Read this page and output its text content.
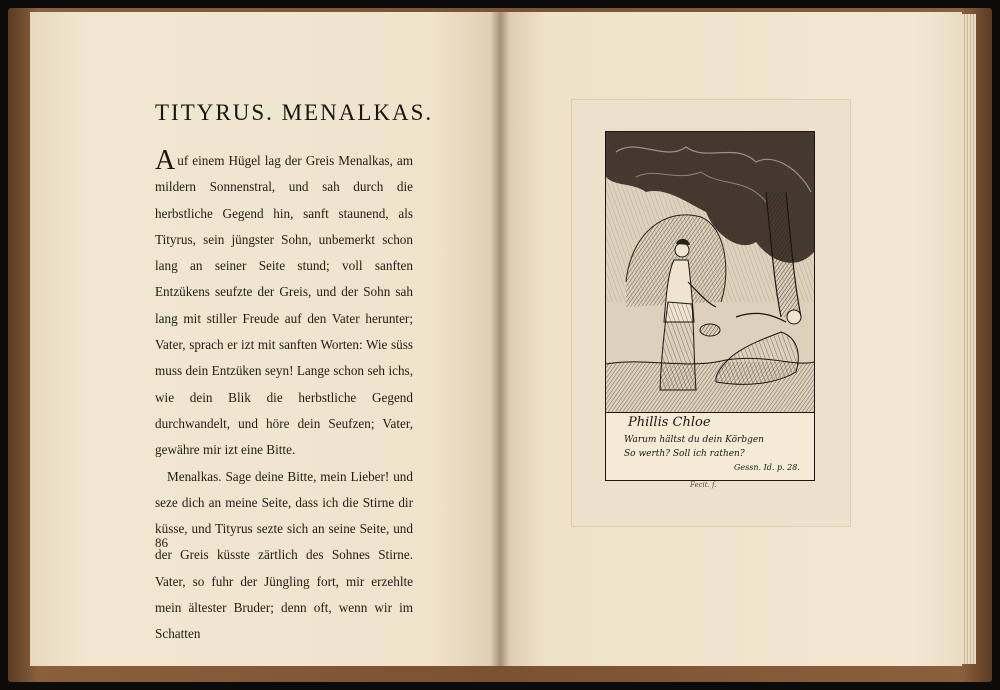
TITYRUS. MENALKAS.

Auf einem Hügel lag der Greis Menalkas, am mildern Sonnenstral, und sah durch die herbstliche Gegend hin, sanft staunend, als Tityrus, sein jüngster Sohn, unbemerkt schon lang an seiner Seite stund; voll sanften Entzükens seufzte der Greis, und der Sohn sah lang mit stiller Freude auf den Vater herunter; Vater, sprach er izt mit sanften Worten: Wie süss muss dein Entzüken seyn! Lange schon seh ichs, wie dein Blik die herbstliche Gegend durchwandelt, und höre dein Seufzen; Vater, gewähre mir izt eine Bitte.

Menalkas. Sage deine Bitte, mein Lieber! und seze dich an meine Seite, dass ich die Stirne dir küsse, und Tityrus sezte sich an seine Seite, und der Greis küsste zärtlich des Sohnes Stirne. Vater, so fuhr der Jüngling fort, mir erzehlte mein ältester Bruder; denn oft, wenn wir im Schatten

86
Phillis Chloe
Warum hältst du dein Körbgen
So werth? Soll ich rathen?
Gessn. Id. p. 28.
Fecit. f.
